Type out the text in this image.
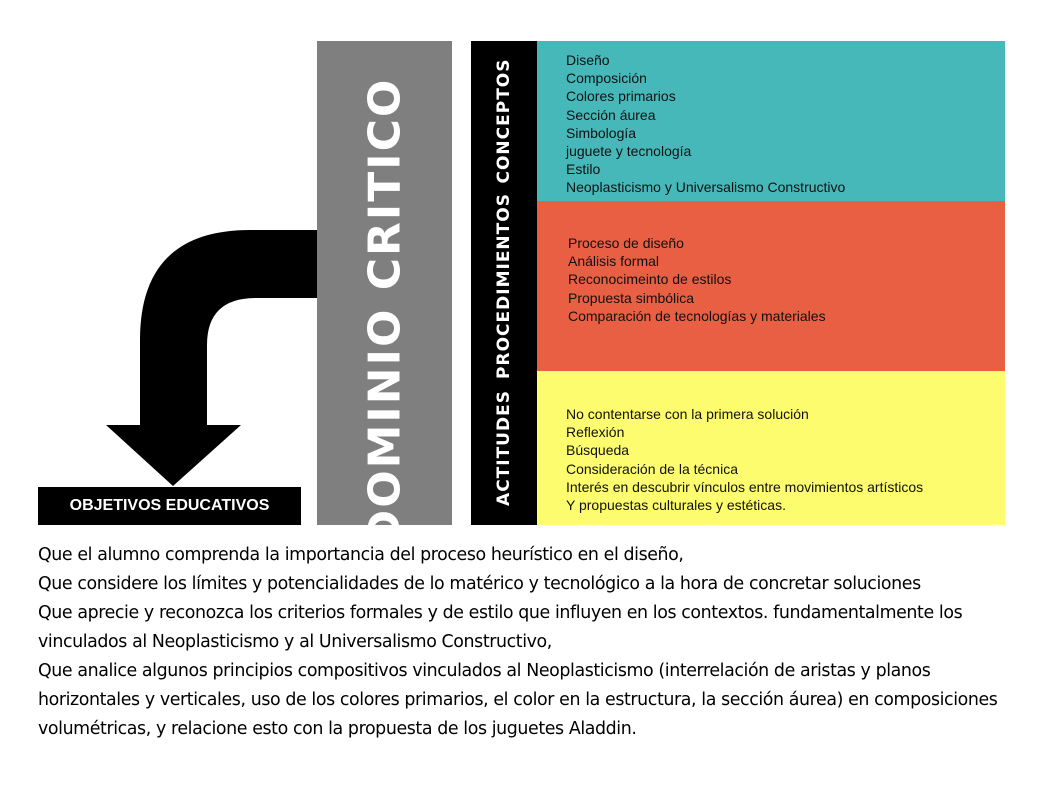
DOMINIO CRITICO	CONCEPTOS
PROCEDIMIENTOS
ACTITUDES
Diseño
Composición
Colores primarios
Sección áurea
Simbología
juguete y tecnología
Estilo
Neoplasticismo y Universalismo Constructivo
Proceso de diseño
Análisis formal
Reconocimeinto de estilos
Propuesta simbólica
Comparación de tecnologías y materiales
No contentarse con la primera solución
Reflexión
Búsqueda
Consideración de la técnica
Interés en descubrir vínculos entre movimientos artísticos
Y propuestas culturales y estéticas.
OBJETIVOS EDUCATIVOS

Que el alumno comprenda la importancia del proceso heurístico en el diseño,

Que considere los límites y potencialidades de lo matérico y tecnológico a la hora de concretar soluciones

Que aprecie y reconozca los criterios formales y de estilo que influyen en los contextos. fundamentalmente los vinculados al Neoplasticismo y al Universalismo Constructivo,

Que analice algunos principios compositivos vinculados al Neoplasticismo (interrelación de aristas y planos horizontales y verticales, uso de los colores primarios, el color en la estructura, la sección áurea) en composiciones volumétricas, y relacione esto con la propuesta de los juguetes Aladdin.
